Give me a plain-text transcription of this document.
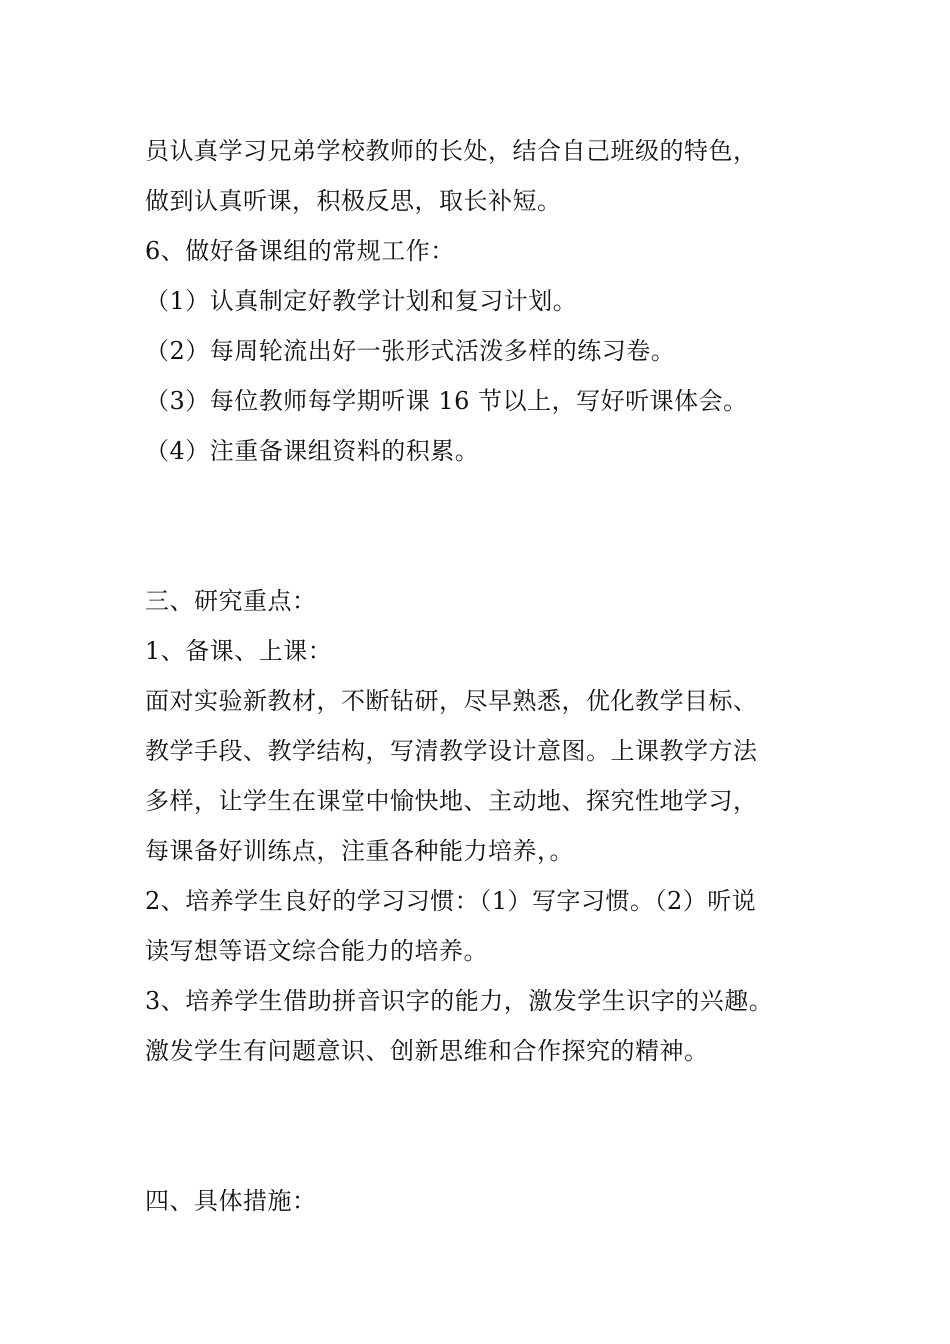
员认真学习兄弟学校教师的长处，结合自己班级的特色，
做到认真听课，积极反思，取长补短。
6、做好备课组的常规工作：
（1）认真制定好教学计划和复习计划。
（2）每周轮流出好一张形式活泼多样的练习卷。
（3）每位教师每学期听课 16 节以上，写好听课体会。
（4）注重备课组资料的积累。
三、研究重点：
1、备课、上课：
面对实验新教材，不断钻研，尽早熟悉，优化教学目标、
教学手段、教学结构，写清教学设计意图。上课教学方法
多样，让学生在课堂中愉快地、主动地、探究性地学习，
每课备好训练点，注重各种能力培养，。
2、培养学生良好的学习习惯：（1）写字习惯。（2）听说
读写想等语文综合能力的培养。
3、培养学生借助拼音识字的能力，激发学生识字的兴趣。
激发学生有问题意识、创新思维和合作探究的精神。
四、具体措施：
